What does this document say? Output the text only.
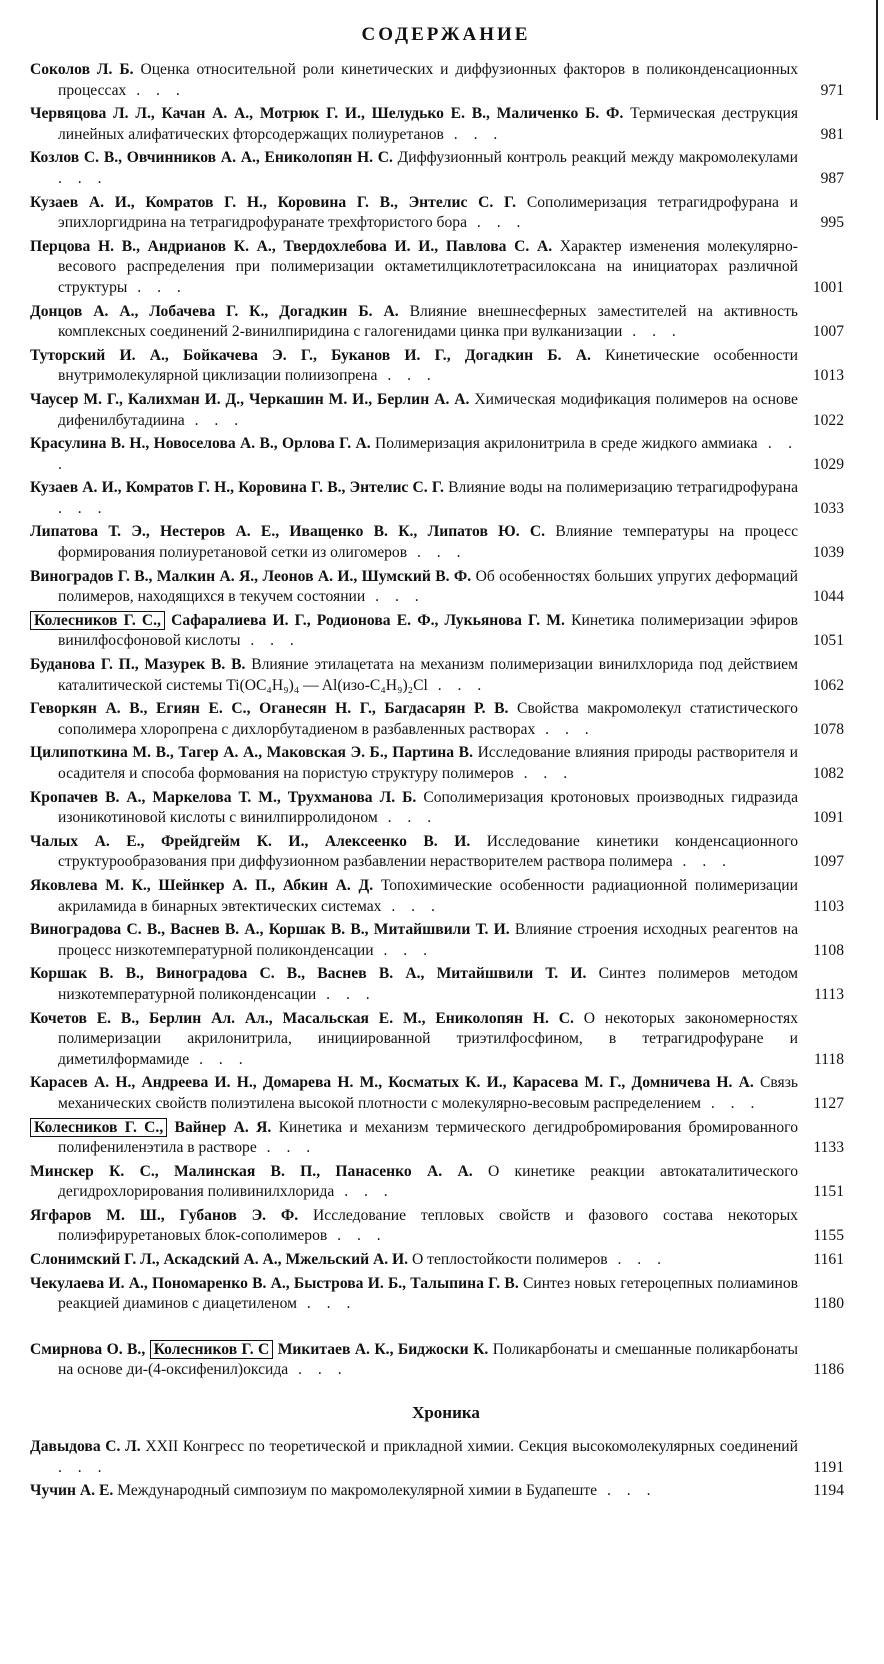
СОДЕРЖАНИЕ
Соколов Л. Б. Оценка относительной роли кинетических и диффузионных факторов в поликонденсационных процессах . . .	971
Червяцова Л. Л., Качан А. А., Мотрюк Г. И., Шелудько Е. В., Маличенко Б. Ф. Термическая деструкция линейных алифатических фторсодержащих полиуретанов . . .	981
Козлов С. В., Овчинников А. А., Ениколопян Н. С. Диффузионный контроль реакций между макромолекулами . . .	987
Кузаев А. И., Комратов Г. Н., Коровина Г. В., Энтелис С. Г. Сополимеризация тетрагидрофурана и эпихлоргидрина на тетрагидрофуранате трехфтористого бора . . .	995
Перцова Н. В., Андрианов К. А., Твердохлебова И. И., Павлова С. А. Характер изменения молекулярно-весового распределения при полимеризации октаметилциклотетрасилоксана на инициаторах различной структуры . . .	1001
Донцов А. А., Лобачева Г. К., Догадкин Б. А. Влияние внешнесферных заместителей на активность комплексных соединений 2-винилпиридина с галогенидами цинка при вулканизации . . .	1007
Туторский И. А., Бойкачева Э. Г., Буканов И. Г., Догадкин Б. А. Кинетические особенности внутримолекулярной циклизации полиизопрена . . .	1013
Чаусер М. Г., Калихман И. Д., Черкашин М. И., Берлин А. А. Химическая модификация полимеров на основе дифенилбутадиина . . .	1022
Красулина В. Н., Новоселова А. В., Орлова Г. А. Полимеризация акрилонитрила в среде жидкого аммиака . . .	1029
Кузаев А. И., Комратов Г. Н., Коровина Г. В., Энтелис С. Г. Влияние воды на полимеризацию тетрагидрофурана . . .	1033
Липатова Т. Э., Нестеров А. Е., Иващенко В. К., Липатов Ю. С. Влияние температуры на процесс формирования полиуретановой сетки из олигомеров . . .	1039
Виноградов Г. В., Малкин А. Я., Леонов А. И., Шумский В. Ф. Об особенностях больших упругих деформаций полимеров, находящихся в текучем состоянии . . .	1044
Колесников Г. С., Сафаралиева И. Г., Родионова Е. Ф., Лукьянова Г. М. Кинетика полимеризации эфиров винилфосфоновой кислоты . . .	1051
Буданова Г. П., Мазурек В. В. Влияние этилацетата на механизм полимеризации винилхлорида под действием каталитической системы Ti(OC₄H₉)₄ — Al(изо-C₄H₉)₂Cl . . .	1062
Геворкян А. В., Егиян Е. С., Оганесян Н. Г., Багдасарян Р. В. Свойства макромолекул статистического сополимера хлоропрена с дихлорбутадиеном в разбавленных растворах . . .	1078
Цилипоткина М. В., Тагер А. А., Маковская Э. Б., Партина В. Исследование влияния природы растворителя и осадителя и способа формования на пористую структуру полимеров . . .	1082
Кропачев В. А., Маркелова Т. М., Трухманова Л. Б. Сополимеризация кротоновых производных гидразида изоникотиновой кислоты с винилпирролидоном . . .	1091
Чалых А. Е., Фрейдгейм К. И., Алексеенко В. И. Исследование кинетики конденсационного структурообразования при диффузионном разбавлении нерастворителем раствора полимера . . .	1097
Яковлева М. К., Шейнкер А. П., Абкин А. Д. Топохимические особенности радиационной полимеризации акриламида в бинарных эвтектических системах . . .	1103
Виноградова С. В., Васнев В. А., Коршак В. В., Митайшвили Т. И. Влияние строения исходных реагентов на процесс низкотемпературной поликонденсации . . .	1108
Коршак В. В., Виноградова С. В., Васнев В. А., Митайшвили Т. И. Синтез полимеров методом низкотемпературной поликонденсации . . .	1113
Кочетов Е. В., Берлин Ал. Ал., Масальская Е. М., Ениколопян Н. С. О некоторых закономерностях полимеризации акрилонитрила, инициированной триэтилфосфином, в тетрагидрофуране и диметилформамиде . . .	1118
Карасев А. Н., Андреева И. Н., Домарева Н. М., Косматых К. И., Карасева М. Г., Домничева Н. А. Связь механических свойств полиэтилена высокой плотности с молекулярно-весовым распределением . . .	1127
Колесников Г. С., Вайнер А. Я. Кинетика и механизм термического дегидробромирования бромированного полифениленэтила в растворе . . .	1133
Минскер К. С., Малинская В. П., Панасенко А. А. О кинетике реакции автокаталитического дегидрохлорирования поливинилхлорида . . .	1151
Ягфаров М. Ш., Губанов Э. Ф. Исследование тепловых свойств и фазового состава некоторых полиэфируретановых блок-сополимеров . . .	1155
Слонимский Г. Л., Аскадский А. А., Мжельский А. И. О теплостойкости полимеров . . .	1161
Чекулаева И. А., Пономаренко В. А., Быстрова И. Б., Талыпина Г. В. Синтез новых гетероцепных полиаминов реакцией диаминов с диацетиленом . . .	1180
Смирнова О. В., Колесников Г. С Микитаев А. К., Биджоски К. Поликарбонаты и смешанные поликарбонаты на основе ди-(4-оксифенил)оксида . . .	1186
Хроника
Давыдова С. Л. XXII Конгресс по теоретической и прикладной химии. Секция высокомолекулярных соединений . . .	1191
Чучин А. Е. Международный симпозиум по макромолекулярной химии в Будапеште . . .	1194
